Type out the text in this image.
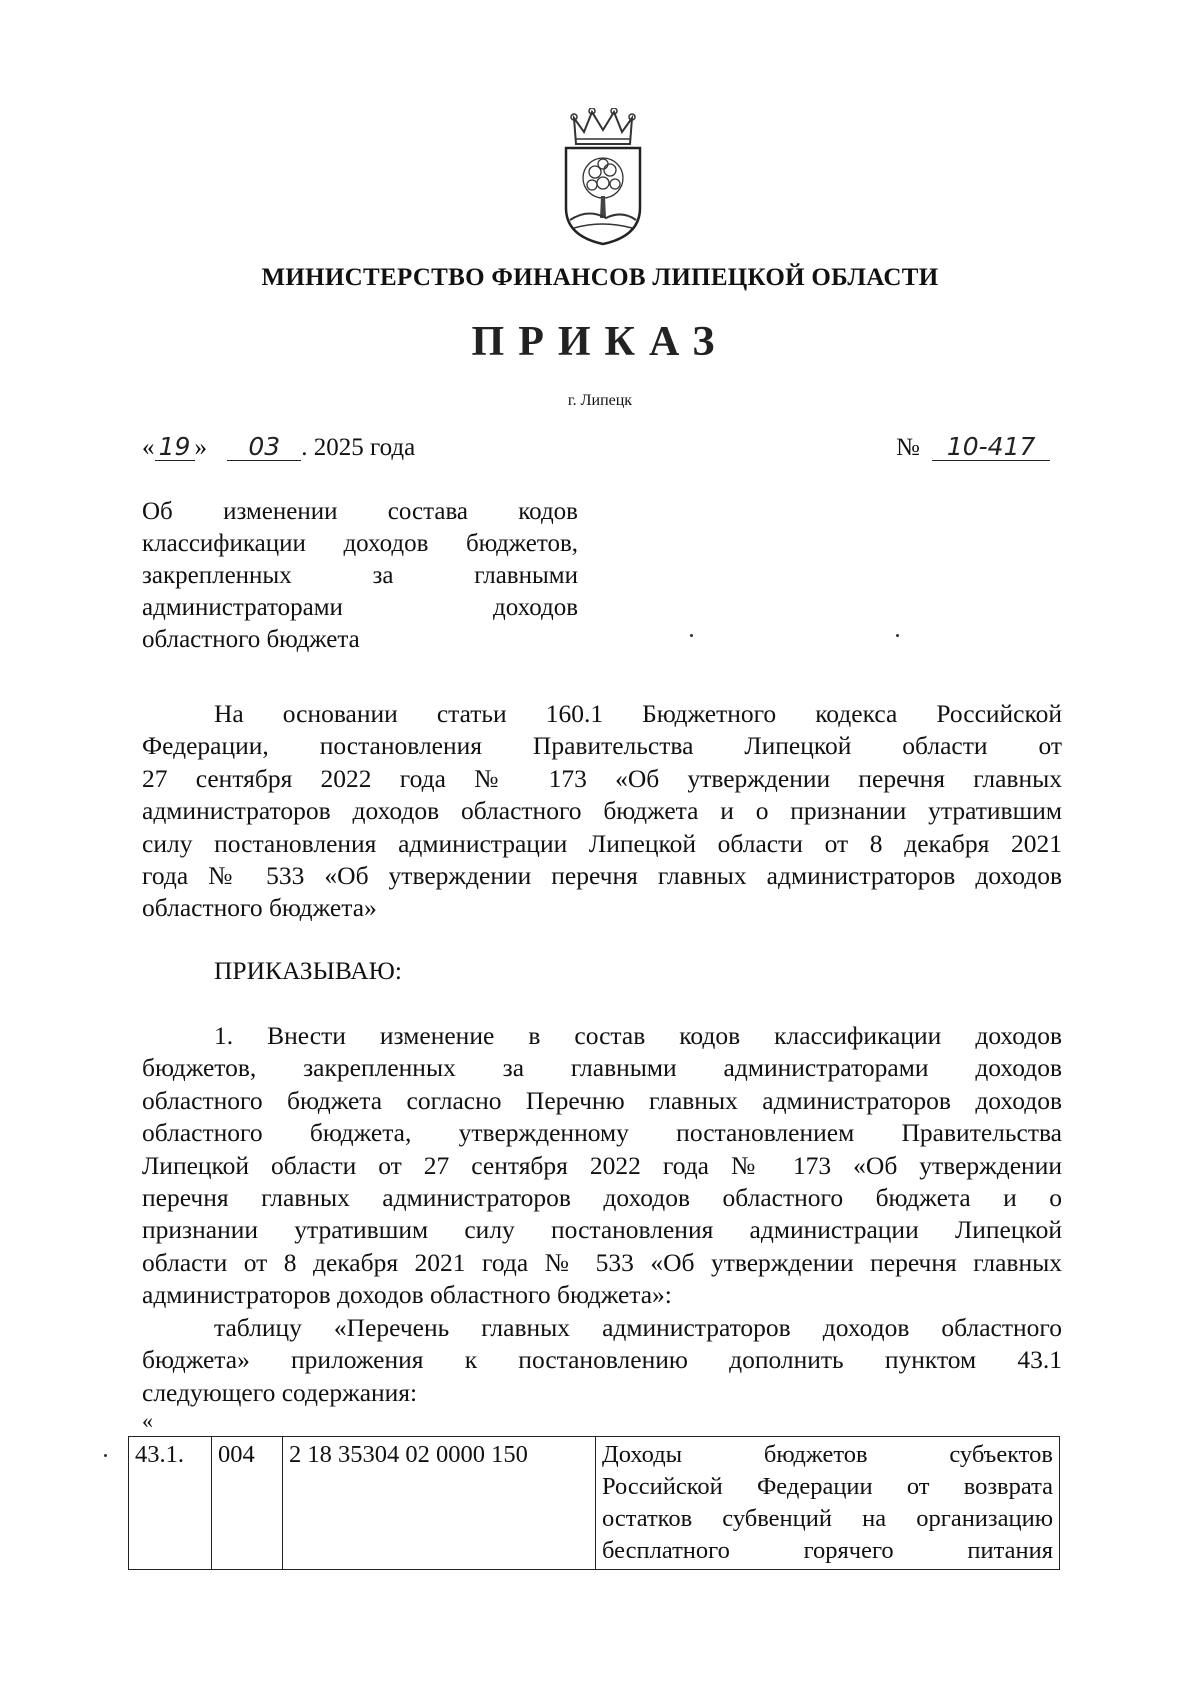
МИНИСТЕРСТВО ФИНАНСОВ ЛИПЕЦКОЙ ОБЛАСТИ
ПРИКАЗ
г. Липецк
« 19 » 03 . 2025 года	№ 10-417
Об изменении состава кодов
классификации доходов бюджетов,
закрепленных за главными
администраторами доходов
областного бюджета
На основании статьи 160.1 Бюджетного кодекса Российской
Федерации, постановления Правительства Липецкой области от
27 сентября 2022 года № 173 «Об утверждении перечня главных
администраторов доходов областного бюджета и о признании утратившим
силу постановления администрации Липецкой области от 8 декабря 2021
года № 533 «Об утверждении перечня главных администраторов доходов
областного бюджета»
ПРИКАЗЫВАЮ:
1. Внести изменение в состав кодов классификации доходов
бюджетов, закрепленных за главными администраторами доходов
областного бюджета согласно Перечню главных администраторов доходов
областного бюджета, утвержденному постановлением Правительства
Липецкой области от 27 сентября 2022 года № 173 «Об утверждении
перечня главных администраторов доходов областного бюджета и о
признании утратившим силу постановления администрации Липецкой
области от 8 декабря 2021 года № 533 «Об утверждении перечня главных
администраторов доходов областного бюджета»:
таблицу «Перечень главных администраторов доходов областного
бюджета» приложения к постановлению дополнить пунктом 43.1
следующего содержания:
«
43.1.	004	2 18 35304 02 0000 150	Доходы бюджетов субъектов
Российской Федерации от возврата
остатков субвенций на организацию
бесплатного горячего питания
